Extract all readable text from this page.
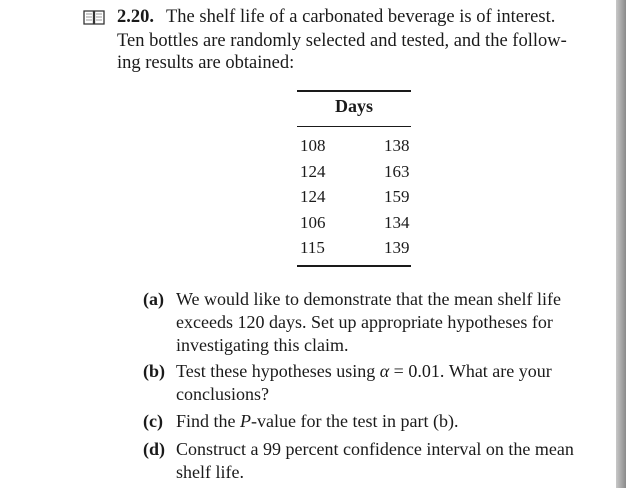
2.20. The shelf life of a carbonated beverage is of interest.
Ten bottles are randomly selected and tested, and the follow-
ing results are obtained:
Days
108	138
124	163
124	159
106	134
115	139
(a) We would like to demonstrate that the mean shelf life
exceeds 120 days. Set up appropriate hypotheses for
investigating this claim.
(b) Test these hypotheses using α = 0.01. What are your
conclusions?
(c) Find the P-value for the test in part (b).
(d) Construct a 99 percent confidence interval on the mean
shelf life.
